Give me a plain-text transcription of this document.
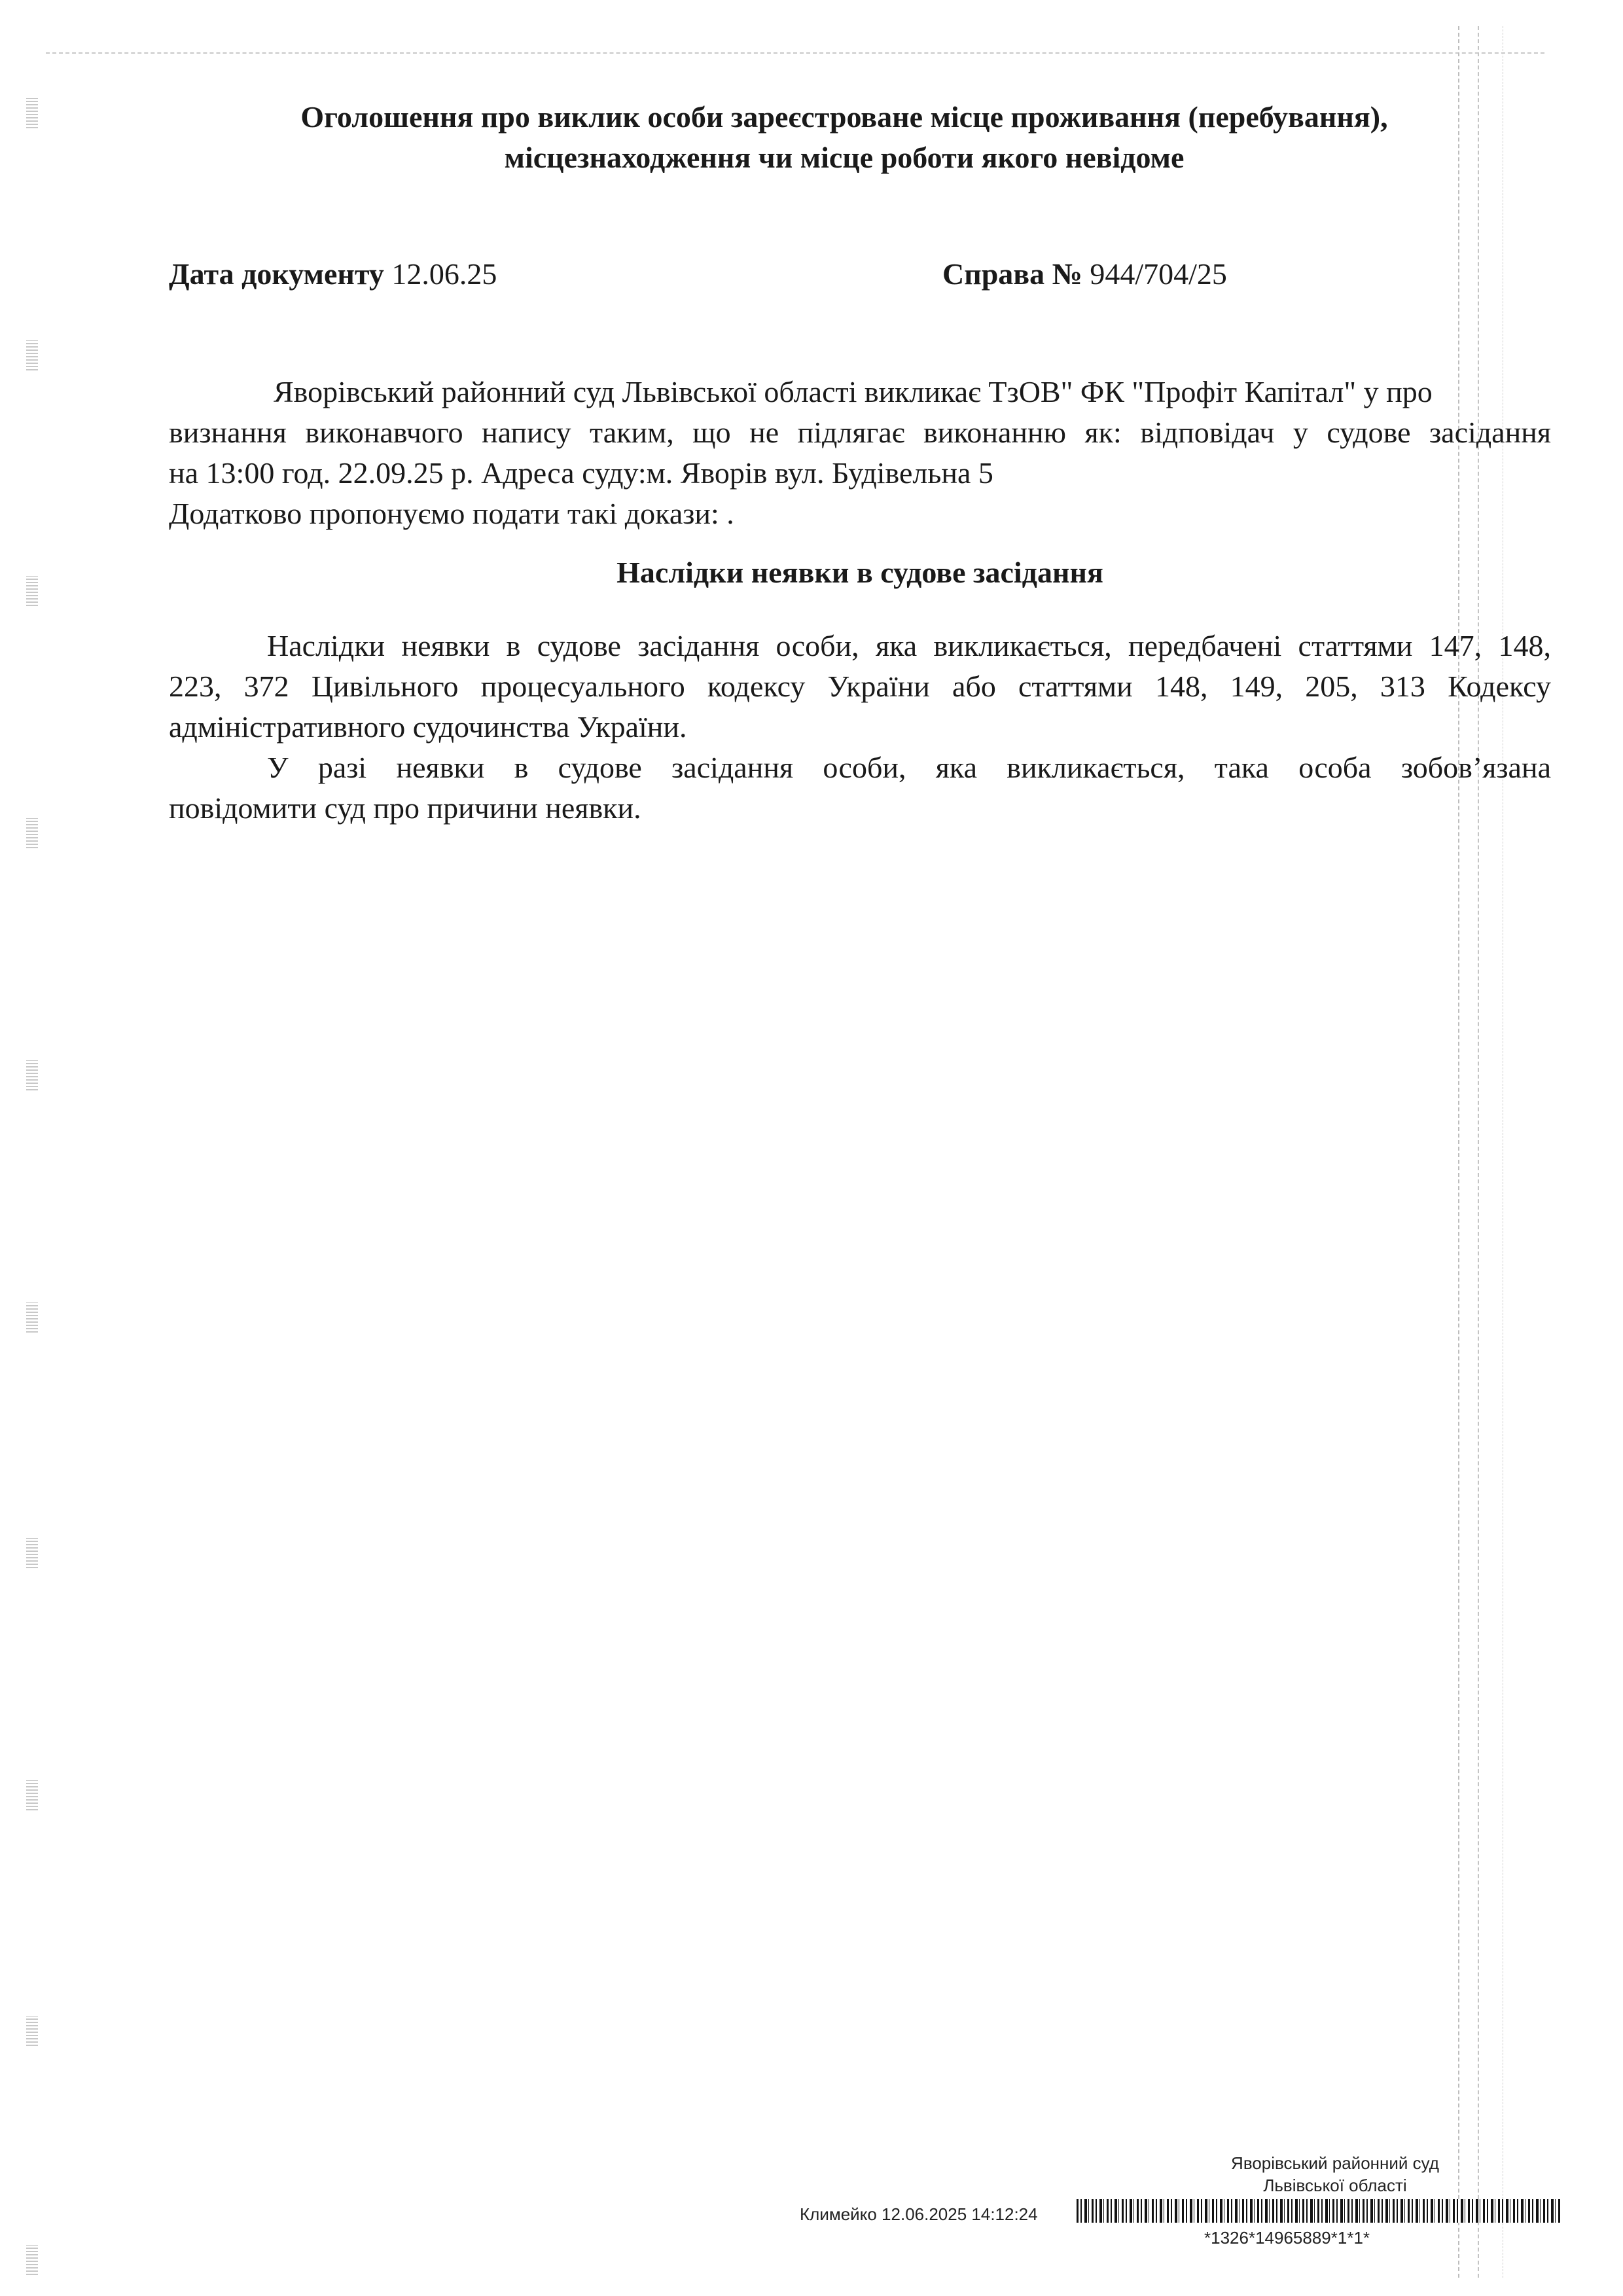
Оголошення про виклик особи зареєстроване місце проживання (перебування),
місцезнаходження чи місце роботи якого невідоме
Дата документу 12.06.25	Справа № 944/704/25
Яворівський районний суд Львівської області викликає ТзОВ" ФК "Профіт Капітал" у про
визнання виконавчого напису таким, що не підлягає виконанню як: відповідач у судове засідання
на 13:00 год. 22.09.25 р. Адреса суду:м. Яворів вул. Будівельна 5
Додатково пропонуємо подати такі докази: .
Наслідки неявки в судове засідання
Наслідки неявки в судове засідання особи, яка викликається, передбачені статтями 147, 148,
223, 372 Цивільного процесуального кодексу України або статтями 148, 149, 205, 313 Кодексу
адміністративного судочинства України.
У разі неявки в судове засідання особи, яка викликається, така особа зобов’язана
повідомити суд про причини неявки.
Яворівський районний суд
Львівської області
Климейко 12.06.2025 14:12:24
*1326*14965889*1*1*
